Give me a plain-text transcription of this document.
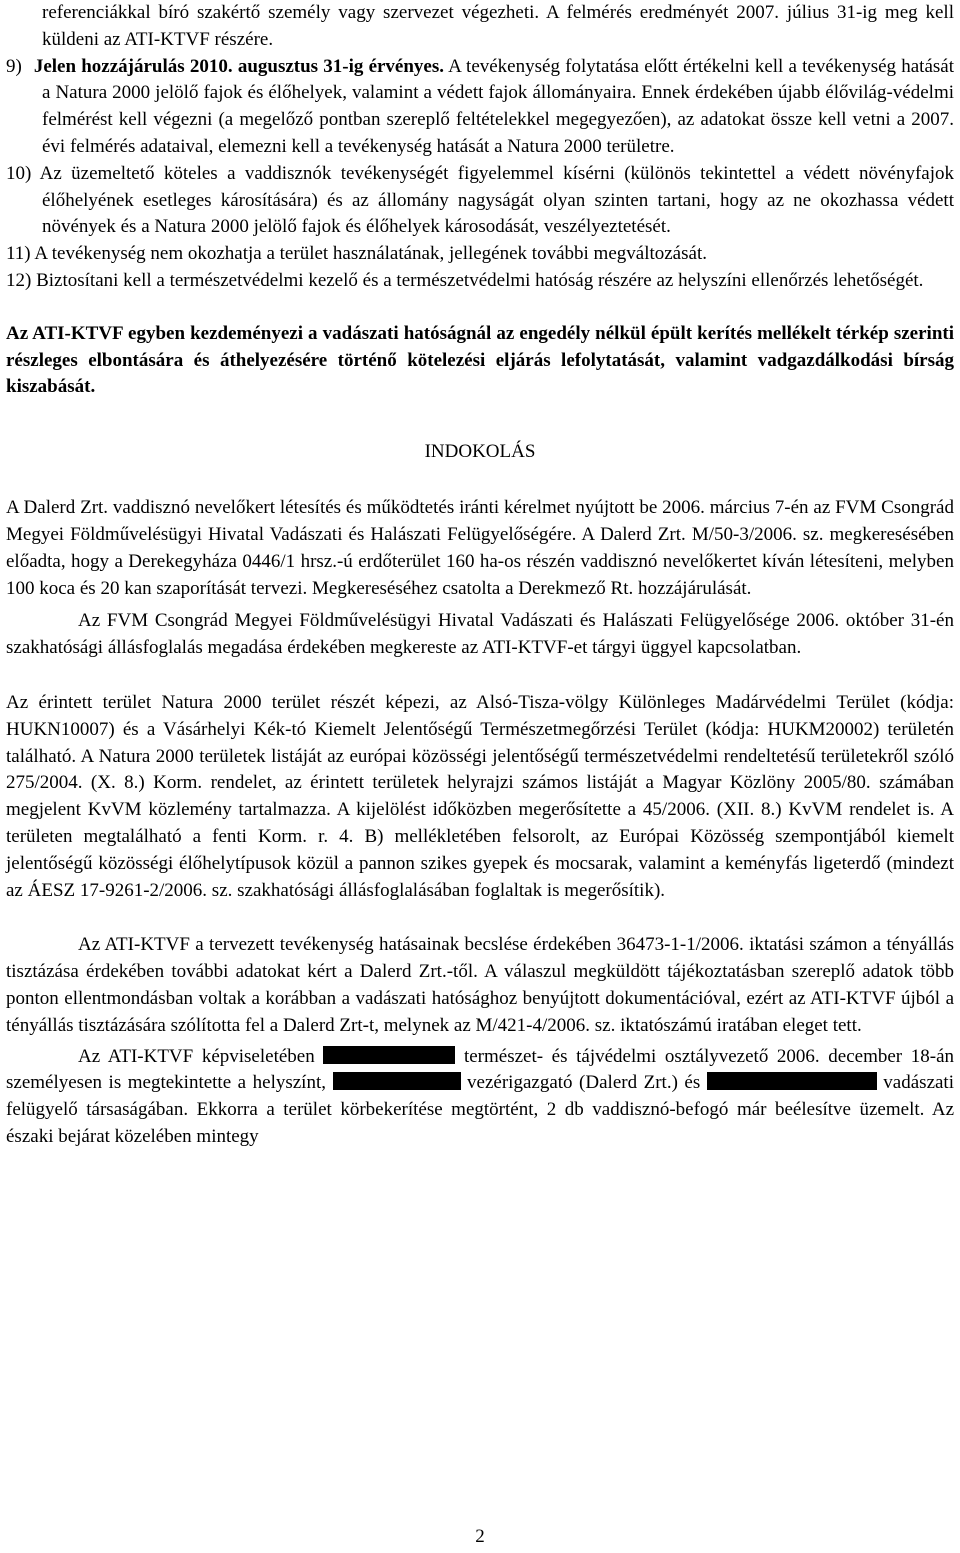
referenciákkal bíró szakértő személy vagy szervezet végezheti. A felmérés eredményét 2007. július 31-ig meg kell küldeni az ATI-KTVF részére.

9) Jelen hozzájárulás 2010. augusztus 31-ig érvényes. A tevékenység folytatása előtt értékelni kell a tevékenység hatását a Natura 2000 jelölő fajok és élőhelyek, valamint a védett fajok állományaira. Ennek érdekében újabb élővilág-védelmi felmérést kell végezni (a megelőző pontban szereplő feltételekkel megegyezően), az adatokat össze kell vetni a 2007. évi felmérés adataival, elemezni kell a tevékenység hatását a Natura 2000 területre.

10) Az üzemeltető köteles a vaddisznók tevékenységét figyelemmel kísérni (különös tekintettel a védett növényfajok élőhelyének esetleges károsítására) és az állomány nagyságát olyan szinten tartani, hogy az ne okozhassa védett növények és a Natura 2000 jelölő fajok és élőhelyek károsodását, veszélyeztetését.

11) A tevékenység nem okozhatja a terület használatának, jellegének további megváltozását.

12) Biztosítani kell a természetvédelmi kezelő és a természetvédelmi hatóság részére az helyszíni ellenőrzés lehetőségét.

Az ATI-KTVF egyben kezdeményezi a vadászati hatóságnál az engedély nélkül épült kerítés mellékelt térkép szerinti részleges elbontására és áthelyezésére történő kötelezési eljárás lefolytatását, valamint vadgazdálkodási bírság kiszabását.

INDOKOLÁS

A Dalerd Zrt. vaddisznó nevelőkert létesítés és működtetés iránti kérelmet nyújtott be 2006. március 7-én az FVM Csongrád Megyei Földművelésügyi Hivatal Vadászati és Halászati Felügyelőségére. A Dalerd Zrt. M/50-3/2006. sz. megkeresésében előadta, hogy a Derekegyháza 0446/1 hrsz.-ú erdőterület 160 ha-os részén vaddisznó nevelőkertet kíván létesíteni, melyben 100 koca és 20 kan szaporítását tervezi. Megkereséséhez csatolta a Derekmező Rt. hozzájárulását.

Az FVM Csongrád Megyei Földművelésügyi Hivatal Vadászati és Halászati Felügyelősége 2006. október 31-én szakhatósági állásfoglalás megadása érdekében megkereste az ATI-KTVF-et tárgyi üggyel kapcsolatban.

Az érintett terület Natura 2000 terület részét képezi, az Alsó-Tisza-völgy Különleges Madárvédelmi Terület (kódja: HUKN10007) és a Vásárhelyi Kék-tó Kiemelt Jelentőségű Természetmegőrzési Terület (kódja: HUKM20002) területén található. A Natura 2000 területek listáját az európai közösségi jelentőségű természetvédelmi rendeltetésű területekről szóló 275/2004. (X. 8.) Korm. rendelet, az érintett területek helyrajzi számos listáját a Magyar Közlöny 2005/80. számában megjelent KvVM közlemény tartalmazza. A kijelölést időközben megerősítette a 45/2006. (XII. 8.) KvVM rendelet is. A területen megtalálható a fenti Korm. r. 4. B) mellékletében felsorolt, az Európai Közösség szempontjából kiemelt jelentőségű közösségi élőhelytípusok közül a pannon szikes gyepek és mocsarak, valamint a keményfás ligeterdő (mindezt az ÁESZ 17-9261-2/2006. sz. szakhatósági állásfoglalásában foglaltak is megerősítik).

Az ATI-KTVF a tervezett tevékenység hatásainak becslése érdekében 36473-1-1/2006. iktatási számon a tényállás tisztázása érdekében további adatokat kért a Dalerd Zrt.-től. A válaszul megküldött tájékoztatásban szereplő adatok több ponton ellentmondásban voltak a korábban a vadászati hatósághoz benyújtott dokumentációval, ezért az ATI-KTVF újból a tényállás tisztázására szólította fel a Dalerd Zrt-t, melynek az M/421-4/2006. sz. iktatószámú iratában eleget tett.

Az ATI-KTVF képviseletében	természet- és tájvédelmi osztályvezető 2006. december 18-án személyesen is megtekintette a helyszínt,	vezérigazgató (Dalerd Zrt.) és	vadászati felügyelő társaságában. Ekkorra a terület körbekerítése megtörtént, 2 db vaddisznó-befogó már beélesítve üzemelt. Az északi bejárat közelében mintegy

2
